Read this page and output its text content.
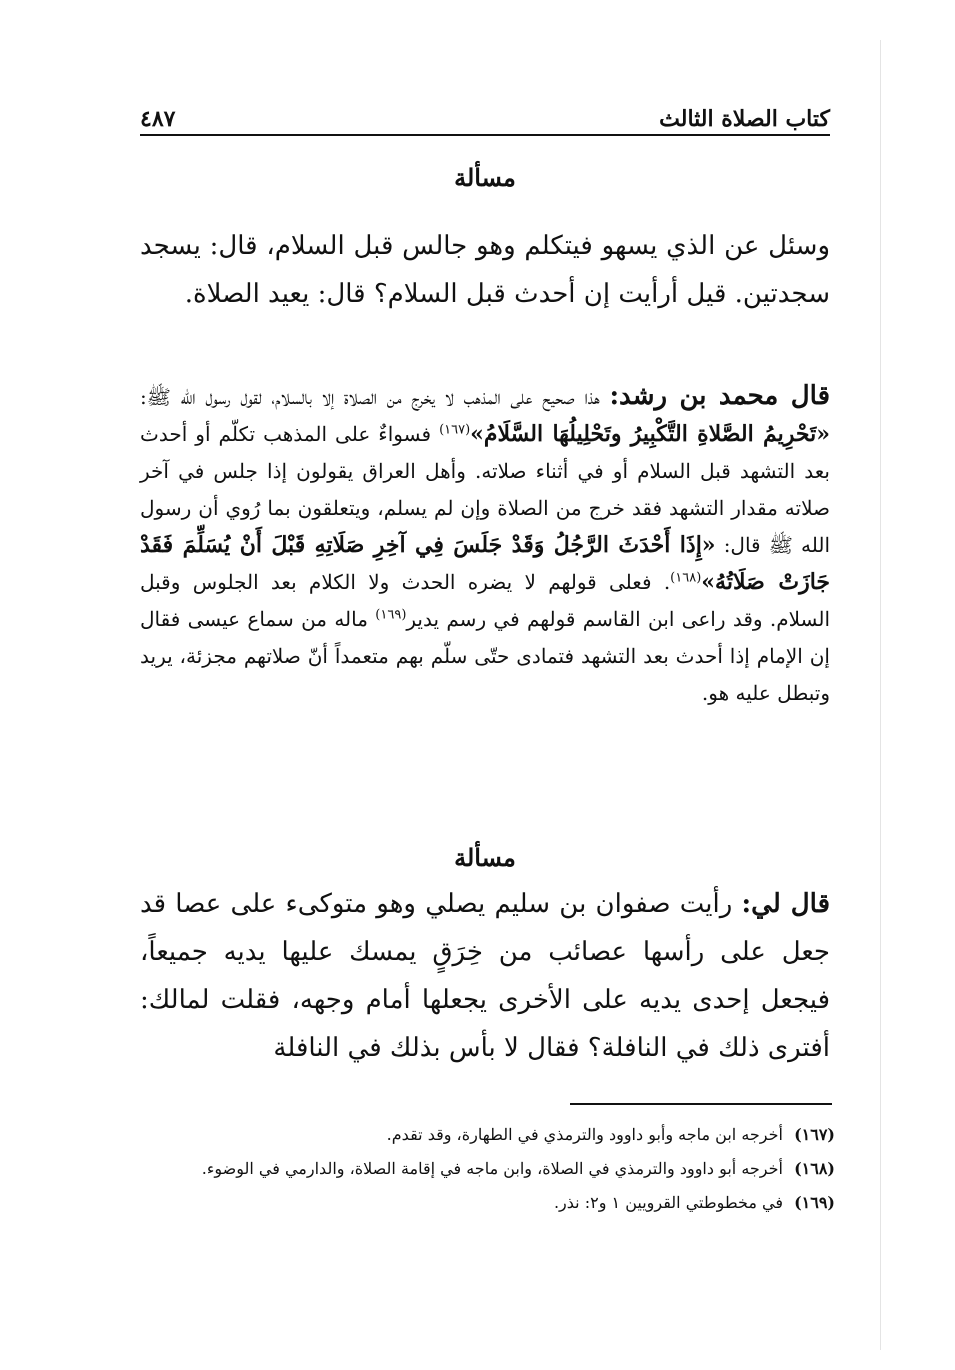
كتاب الصلاة الثالث
٤٨٧
مسألة
وسئل عن الذي يسهو فيتكلم وهو جالس قبل السلام، قال: يسجد سجدتين. قيل أرأيت إن أحدث قبل السلام؟ قال: يعيد الصلاة.
قال محمد بن رشد: هذا صحيح على المذهب لا يخرج من الصلاة إلا بالسلام، لقول رسول الله ﷺ: «تَحْرِيمُ الصَّلاةِ التَّكْبِيرُ وتَحْلِيلُهَا السَّلَامُ»$^{(١٦٧)}$ فسواءٌ على المذهب تكلّم أو أحدث بعد التشهد قبل السلام أو في أثناء صلاته. وأهل العراق يقولون إذا جلس في آخر صلاته مقدار التشهد فقد خرج من الصلاة وإن لم يسلم، ويتعلقون بما رُوي أن رسول الله ﷺ قال: «إِذَا أَحْدَثَ الرَّجُلُ وَقَدْ جَلَسَ فِي آخِرِ صَلَاتِهِ قَبْلَ أَنْ يُسَلِّمَ فَقَدْ جَازَتْ صَلَاتُهُ»$^{(١٦٨)}$. فعلى قولهم لا يضره الحدث ولا الكلام بعد الجلوس وقبل السلام. وقد راعى ابن القاسم قولهم في رسم يدير$^{(١٦٩)}$ ماله من سماع عيسى فقال إن الإمام إذا أحدث بعد التشهد فتمادى حتّى سلّم بهم متعمداً أنّ صلاتهم مجزئة، يريد وتبطل عليه هو.
مسألة
قال لي: رأيت صفوان بن سليم يصلي وهو متوكىء على عصا قد جعل على رأسها عصائب من خِرَقٍ يمسك عليها يديه جميعاً، فيجعل إحدى يديه على الأخرى يجعلها أمام وجهه، فقلت لمالك: أفترى ذلك في النافلة؟ فقال لا بأس بذلك في النافلة

(١٦٧) أخرجه ابن ماجه وأبو داوود والترمذي في الطهارة، وقد تقدم.

(١٦٨) أخرجه أبو داوود والترمذي في الصلاة، وابن ماجه في إقامة الصلاة، والدارمي في الوضوء.

(١٦٩) في مخطوطتي القرويين ١ و٢: نذر.
